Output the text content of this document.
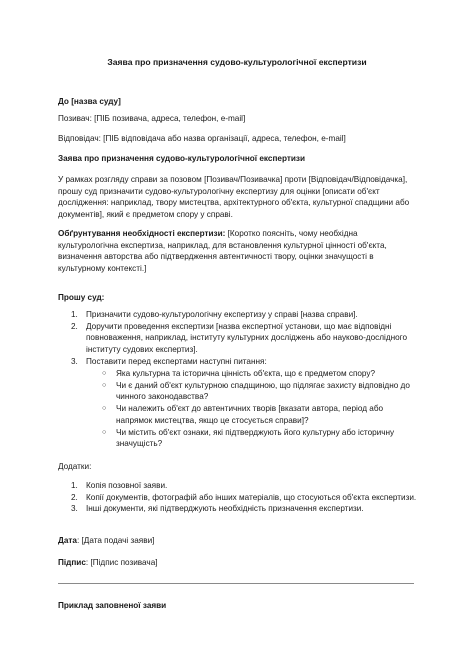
Заява про призначення судово-культурологічної експертизи
До [назва суду]
Позивач: [ПІБ позивача, адреса, телефон, e-mail]
Відповідач: [ПІБ відповідача або назва організації, адреса, телефон, e-mail]
Заява про призначення судово-культурологічної експертизи
У рамках розгляду справи за позовом [Позивач/Позивачка] проти [Відповідач/Відповідачка], прошу суд призначити судово-культурологічну експертизу для оцінки [описати об'єкт дослідження: наприклад, твору мистецтва, архітектурного об'єкта, культурної спадщини або документів], який є предметом спору у справі.
Обґрунтування необхідності експертизи: [Коротко поясніть, чому необхідна культурологічна експертиза, наприклад, для встановлення культурної цінності об'єкта, визначення авторства або підтвердження автентичності твору, оцінки значущості в культурному контексті.]
Прошу суд:
1. Призначити судово-культурологічну експертизу у справі [назва справи].
2. Доручити проведення експертизи [назва експертної установи, що має відповідні повноваження, наприклад, інституту культурних досліджень або науково-дослідного інституту судових експертиз].
3. Поставити перед експертами наступні питання:
○ Яка культурна та історична цінність об'єкта, що є предметом спору?
○ Чи є даний об'єкт культурною спадщиною, що підлягає захисту відповідно до чинного законодавства?
○ Чи належить об'єкт до автентичних творів [вказати автора, період або напрямок мистецтва, якщо це стосується справи]?
○ Чи містить об'єкт ознаки, які підтверджують його культурну або історичну значущість?
Додатки:
1. Копія позовної заяви.
2. Копії документів, фотографій або інших матеріалів, що стосуються об'єкта експертизи.
3. Інші документи, які підтверджують необхідність призначення експертизи.
Дата: [Дата подачі заяви]
Підпис: [Підпис позивача]
Приклад заповненої заяви
